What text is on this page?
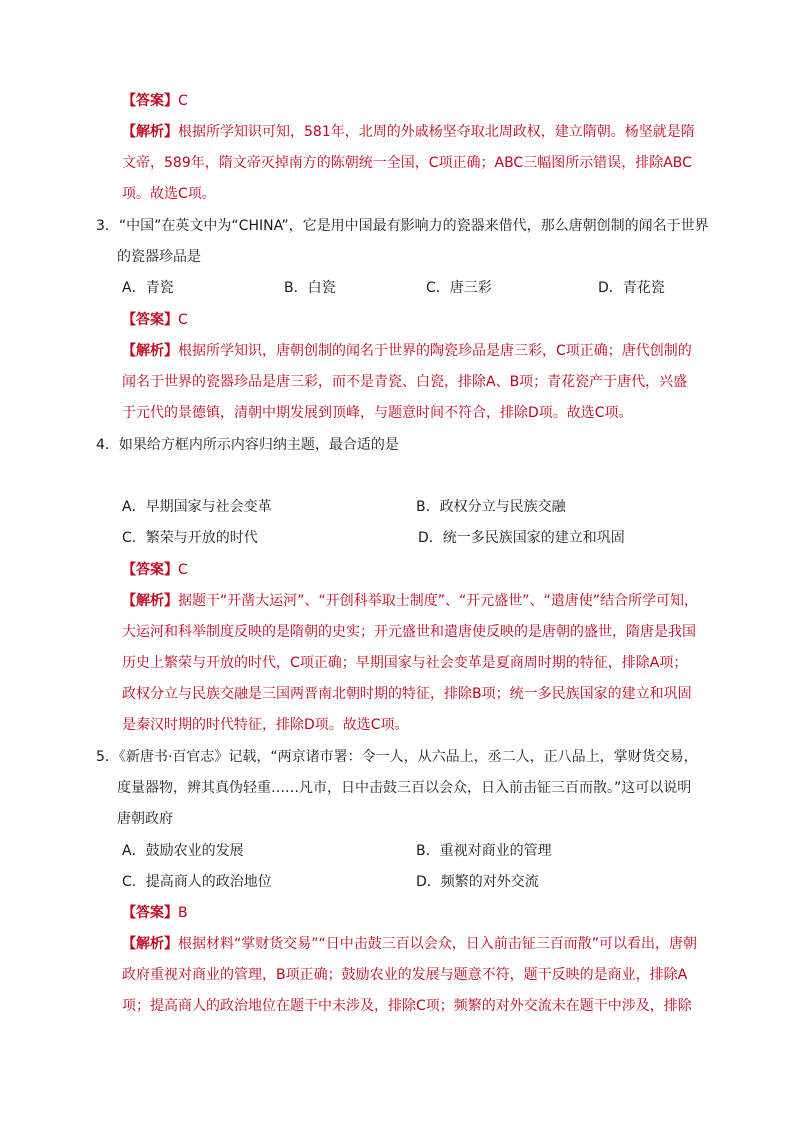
【答案】C
【解析】根据所学知识可知，581年，北周的外戚杨坚夺取北周政权，建立隋朝。杨坚就是隋
文帝，589年，隋文帝灭掉南方的陈朝统一全国，C项正确；ABC三幅图所示错误，排除ABC
项。故选C项。
3．“中国”在英文中为“CHINA”，它是用中国最有影响力的瓷器来借代，那么唐朝创制的闻名于世界
的瓷器珍品是
A．青瓷	B．白瓷	C．唐三彩	D．青花瓷
【答案】C
【解析】根据所学知识，唐朝创制的闻名于世界的陶瓷珍品是唐三彩，C项正确；唐代创制的
闻名于世界的瓷器珍品是唐三彩，而不是青瓷、白瓷，排除A、B项；青花瓷产于唐代，兴盛
于元代的景德镇，清朝中期发展到顶峰，与题意时间不符合，排除D项。故选C项。
4．如果给方框内所示内容归纳主题，最合适的是
A．早期国家与社会变革	B．政权分立与民族交融
C．繁荣与开放的时代	D．统一多民族国家的建立和巩固
【答案】C
【解析】据题干“开凿大运河”、“开创科举取士制度”、“开元盛世”、“遣唐使”结合所学可知，
大运河和科举制度反映的是隋朝的史实；开元盛世和遣唐使反映的是唐朝的盛世，隋唐是我国
历史上繁荣与开放的时代，C项正确；早期国家与社会变革是夏商周时期的特征，排除A项；
政权分立与民族交融是三国两晋南北朝时期的特征，排除B项；统一多民族国家的建立和巩固
是秦汉时期的时代特征，排除D项。故选C项。
5．《新唐书·百官志》记载，“两京诸市署：令一人，从六品上，丞二人，正八品上，掌财货交易，
度量器物，辨其真伪轻重……凡市，日中击鼓三百以会众，日入前击钲三百而散。”这可以说明
唐朝政府
A．鼓励农业的发展	B．重视对商业的管理
C．提高商人的政治地位	D．频繁的对外交流
【答案】B
【解析】根据材料“掌财货交易”“日中击鼓三百以会众，日入前击钲三百而散”可以看出，唐朝
政府重视对商业的管理，B项正确；鼓励农业的发展与题意不符，题干反映的是商业，排除A
项；提高商人的政治地位在题干中未涉及，排除C项；频繁的对外交流未在题干中涉及，排除
